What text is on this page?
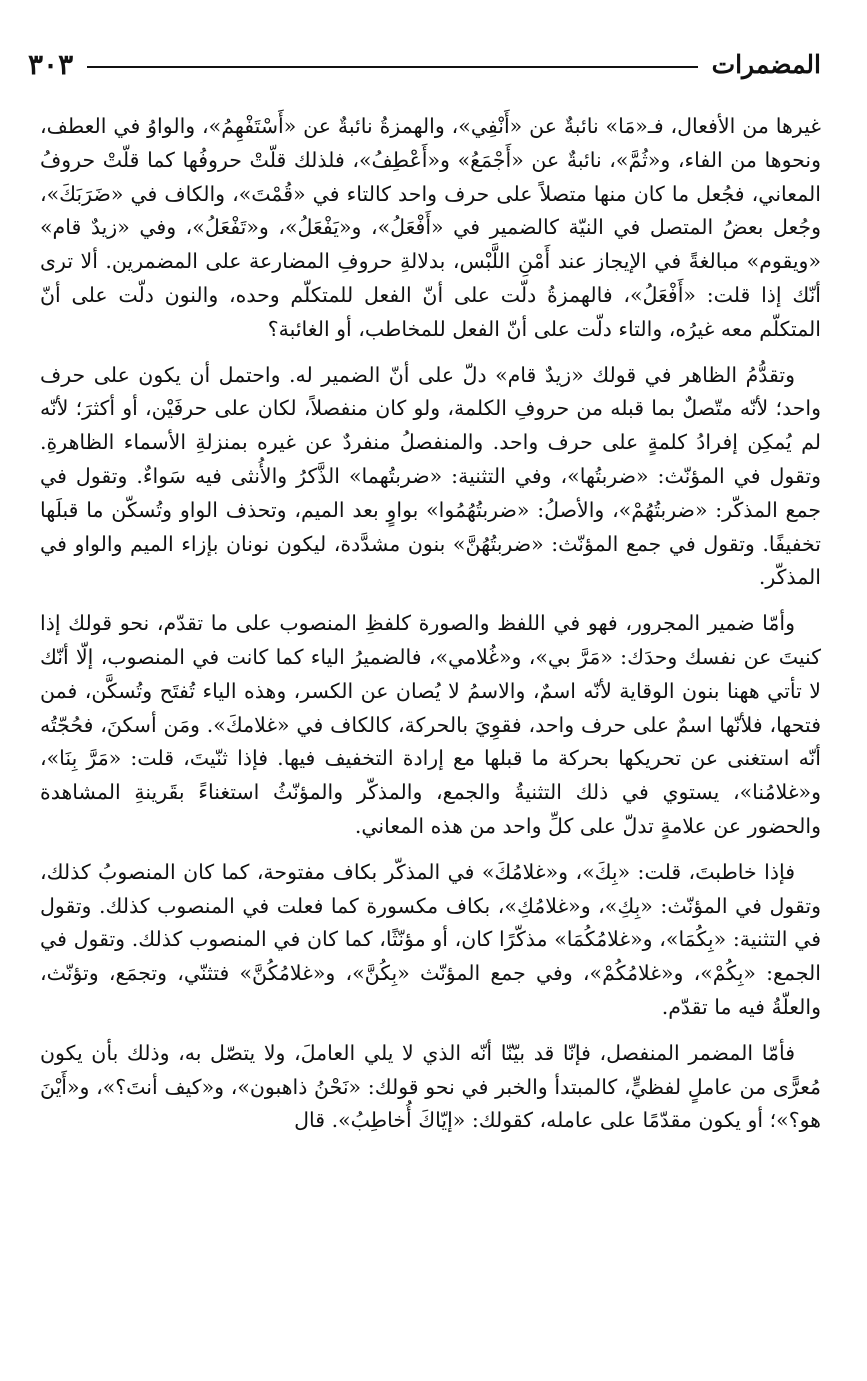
المضمرات
٣٠٣

غيرها من الأفعال، فـ«مَا» نائبةٌ عن «أَنْفِي»، والهمزةُ نائبةٌ عن «أَسْتَفْهِمُ»، والواوُ في العطف، ونحوها من الفاء، و«ثُمَّ»، نائبةٌ عن «أَجْمَعُ» و«أَعْطِفُ»، فلذلك قلّتْ حروفُها كما قلّتْ حروفُ المعاني، فجُعل ما كان منها متصلاً على حرف واحد كالتاء في «قُمْتَ»، والكاف في «ضَرَبَكَ»، وجُعل بعضُ المتصل في النيّة كالضمير في «أَفْعَلُ»، و«يَفْعَلُ»، و«تَفْعَلُ»، وفي «زيدٌ قام» «ويقوم» مبالغةً في الإيجاز عند أَمْنِ اللَّبْس، بدلالةِ حروفِ المضارعة على المضمرين. ألا ترى أنّك إذا قلت: «أَفْعَلُ»، فالهمزةُ دلّت على أنّ الفعل للمتكلّم وحده، والنون دلّت على أنّ المتكلّم معه غيرُه، والتاء دلّت على أنّ الفعل للمخاطب، أو الغائبة؟

وتقدُّمُ الظاهر في قولك «زيدٌ قام» دلّ على أنّ الضمير له. واحتمل أن يكون على حرف واحد؛ لأنّه متّصلٌ بما قبله من حروفِ الكلمة، ولو كان منفصلاً، لكان على حرفَيْن، أو أكثرَ؛ لأنّه لم يُمكِن إفرادُ كلمةٍ على حرف واحد. والمنفصلُ منفردٌ عن غيره بمنزلةِ الأسماء الظاهرةِ. وتقول في المؤنّث: «ضربتُها»، وفي التثنية: «ضربتُهما» الذَّكرُ والأُنثى فيه سَواءٌ. وتقول في جمع المذكّر: «ضربتُهُمْ»، والأصلُ: «ضربتُهُمُوا» بواوٍ بعد الميم، وتحذف الواو وتُسكّن ما قبلَها تخفيفًا. وتقول في جمع المؤنّث: «ضربتُهُنَّ» بنون مشدَّدة، ليكون نونان بإزاء الميم والواو في المذكّر.

وأمّا ضمير المجرور، فهو في اللفظ والصورة كلفظِ المنصوب على ما تقدّم، نحو قولك إذا كنيتَ عن نفسك وحدَك: «مَرَّ بي»، و«غُلامي»، فالضميرُ الياء كما كانت في المنصوب، إلّا أنّك لا تأتي ههنا بنون الوقاية لأنّه اسمٌ، والاسمُ لا يُصان عن الكسر، وهذه الياء تُفتَح وتُسكَّن، فمن فتحها، فلأنّها اسمٌ على حرف واحد، فقوِيَ بالحركة، كالكاف في «غلامكَ». ومَن أسكنَ، فحُجّتُه أنّه استغنى عن تحريكها بحركة ما قبلها مع إرادة التخفيف فيها. فإذا ثنّيتَ، قلت: «مَرَّ بِنَا»، و«غلامُنا»، يستوي في ذلك التثنيةُ والجمع، والمذكّر والمؤنّثُ استغناءً بقَرينةِ المشاهدة والحضور عن علامةٍ تدلّ على كلِّ واحد من هذه المعاني.

فإذا خاطبتَ، قلت: «بِكَ»، و«غلامُكَ» في المذكّر بكاف مفتوحة، كما كان المنصوبُ كذلك، وتقول في المؤنّث: «بِكِ»، و«غلامُكِ»، بكاف مكسورة كما فعلت في المنصوب كذلك. وتقول في التثنية: «بِكُمَا»، و«غلامُكُمَا» مذكّرًا كان، أو مؤنّثًا، كما كان في المنصوب كذلك. وتقول في الجمع: «بِكُمْ»، و«غلامُكُمْ»، وفي جمع المؤنّث «بِكُنَّ»، و«غلامُكُنَّ» فتثنّي، وتجمَع، وتؤنّث، والعلّةُ فيه ما تقدّم.

فأمّا المضمر المنفصل، فإنّا قد بيّنّا أنّه الذي لا يلي العاملَ، ولا يتصّل به، وذلك بأن يكون مُعرًّى من عاملٍ لفظيٍّ، كالمبتدأ والخبر في نحو قولك: «نَحْنُ ذاهبون»، و«كيف أنتَ؟»، و«أَيْنَ هو؟»؛ أو يكون مقدّمًا على عامله، كقولك: «إيّاكَ أُخاطِبُ». قال
